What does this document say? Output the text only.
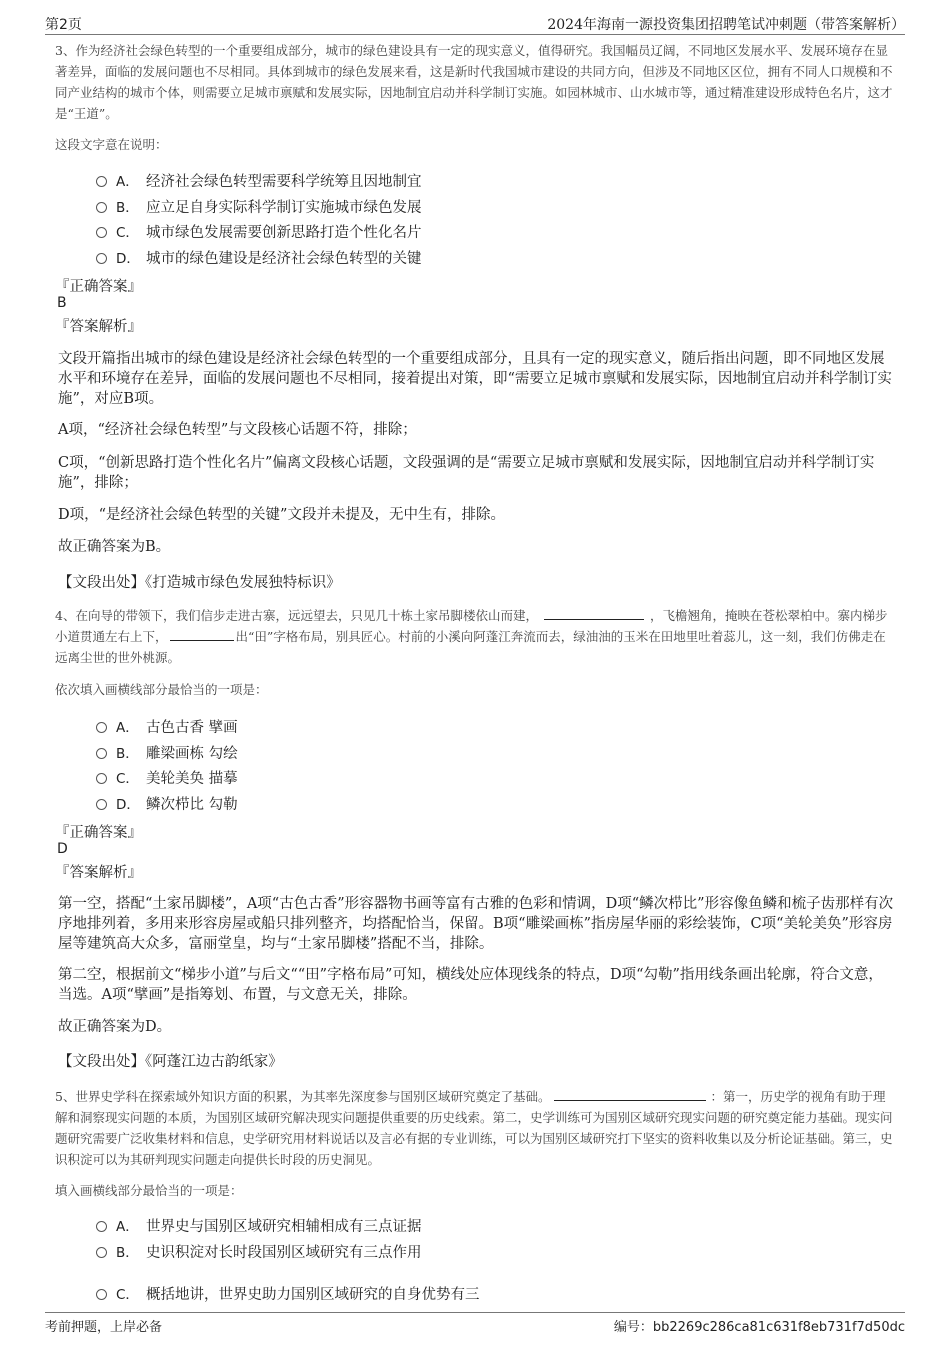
第2页	2024年海南一源投资集团招聘笔试冲刺题（带答案解析）
3、作为经济社会绿色转型的一个重要组成部分，城市的绿色建设具有一定的现实意义，值得研究。我国幅员辽阔，不同地区发展水平、发展环境存在显著差异，面临的发展问题也不尽相同。具体到城市的绿色发展来看，这是新时代我国城市建设的共同方向，但涉及不同地区区位，拥有不同人口规模和不同产业结构的城市个体，则需要立足城市禀赋和发展实际，因地制宜启动并科学制订实施。如园林城市、山水城市等，通过精准建设形成特色名片，这才是“王道”。
这段文字意在说明：
A． 经济社会绿色转型需要科学统筹且因地制宜
B． 应立足自身实际科学制订实施城市绿色发展
C． 城市绿色发展需要创新思路打造个性化名片
D． 城市的绿色建设是经济社会绿色转型的关键
『正确答案』
B
『答案解析』
文段开篇指出城市的绿色建设是经济社会绿色转型的一个重要组成部分，且具有一定的现实意义，随后指出问题，即不同地区发展水平和环境存在差异，面临的发展问题也不尽相同，接着提出对策，即“需要立足城市禀赋和发展实际，因地制宜启动并科学制订实施”，对应B项。
A项，“经济社会绿色转型”与文段核心话题不符，排除；
C项，“创新思路打造个性化名片”偏离文段核心话题，文段强调的是“需要立足城市禀赋和发展实际，因地制宜启动并科学制订实施”，排除；
D项，“是经济社会绿色转型的关键”文段并未提及，无中生有，排除。
故正确答案为B。
【文段出处】《打造城市绿色发展独特标识》
4、在向导的带领下，我们信步走进古寨，远远望去，只见几十栋土家吊脚楼依山而建，	，飞檐翘角，掩映在苍松翠柏中。寨内梯步小道贯通左右上下，	出“田”字格布局，别具匠心。村前的小溪向阿蓬江奔流而去，绿油油的玉米在田地里吐着蕊儿，这一刻，我们仿佛走在远离尘世的世外桃源。
依次填入画横线部分最恰当的一项是：
A． 古色古香 擘画
B． 雕梁画栋 勾绘
C． 美轮美奂 描摹
D． 鳞次栉比 勾勒
『正确答案』
D
『答案解析』
第一空，搭配“土家吊脚楼”，A项“古色古香”形容器物书画等富有古雅的色彩和情调，D项“鳞次栉比”形容像鱼鳞和梳子齿那样有次序地排列着，多用来形容房屋或船只排列整齐，均搭配恰当，保留。B项“雕梁画栋”指房屋华丽的彩绘装饰，C项“美轮美奂”形容房屋等建筑高大众多，富丽堂皇，均与“土家吊脚楼”搭配不当，排除。
第二空，根据前文“梯步小道”与后文““田”字格布局”可知，横线处应体现线条的特点，D项“勾勒”指用线条画出轮廓，符合文意，当选。A项“擘画”是指筹划、布置，与文意无关，排除。
故正确答案为D。
【文段出处】《阿蓬江边古韵纸家》
5、世界史学科在探索域外知识方面的积累，为其率先深度参与国别区域研究奠定了基础。	：第一，历史学的视角有助于理解和洞察现实问题的本质，为国别区域研究解决现实问题提供重要的历史线索。第二，史学训练可为国别区域研究现实问题的研究奠定能力基础。现实问题研究需要广泛收集材料和信息，史学研究用材料说话以及言必有据的专业训练，可以为国别区域研究打下坚实的资料收集以及分析论证基础。第三，史识积淀可以为其研判现实问题走向提供长时段的历史洞见。
填入画横线部分最恰当的一项是：
A． 世界史与国别区域研究相辅相成有三点证据
B． 史识积淀对长时段国别区域研究有三点作用
C． 概括地讲，世界史助力国别区域研究的自身优势有三
考前押题，上岸必备	编号：bb2269c286ca81c631f8eb731f7d50dc
